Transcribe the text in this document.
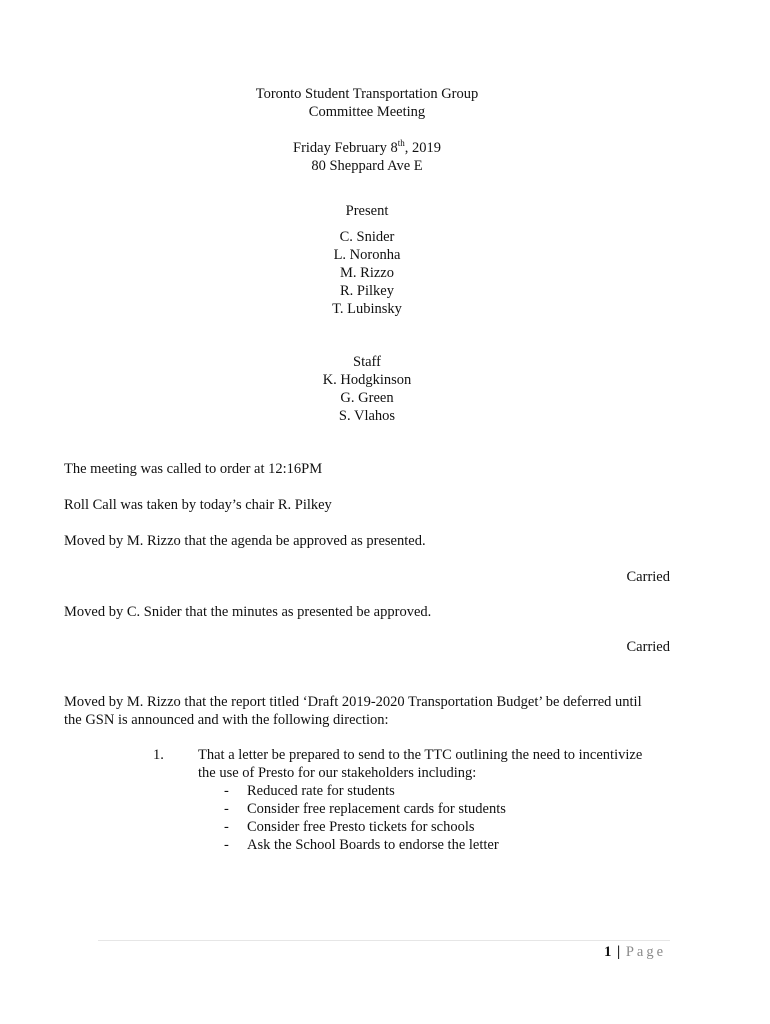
Toronto Student Transportation Group
Committee Meeting
Friday February 8th, 2019
80 Sheppard Ave E
Present
C. Snider
L. Noronha
M. Rizzo
R. Pilkey
T. Lubinsky
Staff
K. Hodgkinson
G. Green
S. Vlahos
The meeting was called to order at 12:16PM
Roll Call was taken by today’s chair R. Pilkey
Moved by M. Rizzo that the agenda be approved as presented.
Carried
Moved by C. Snider that the minutes as presented be approved.
Carried
Moved by M. Rizzo that the report titled ‘Draft 2019-2020 Transportation Budget’ be deferred until
the GSN is announced and with the following direction:
1. That a letter be prepared to send to the TTC outlining the need to incentivize
the use of Presto for our stakeholders including:
- Reduced rate for students
- Consider free replacement cards for students
- Consider free Presto tickets for schools
- Ask the School Boards to endorse the letter
1 | Page
